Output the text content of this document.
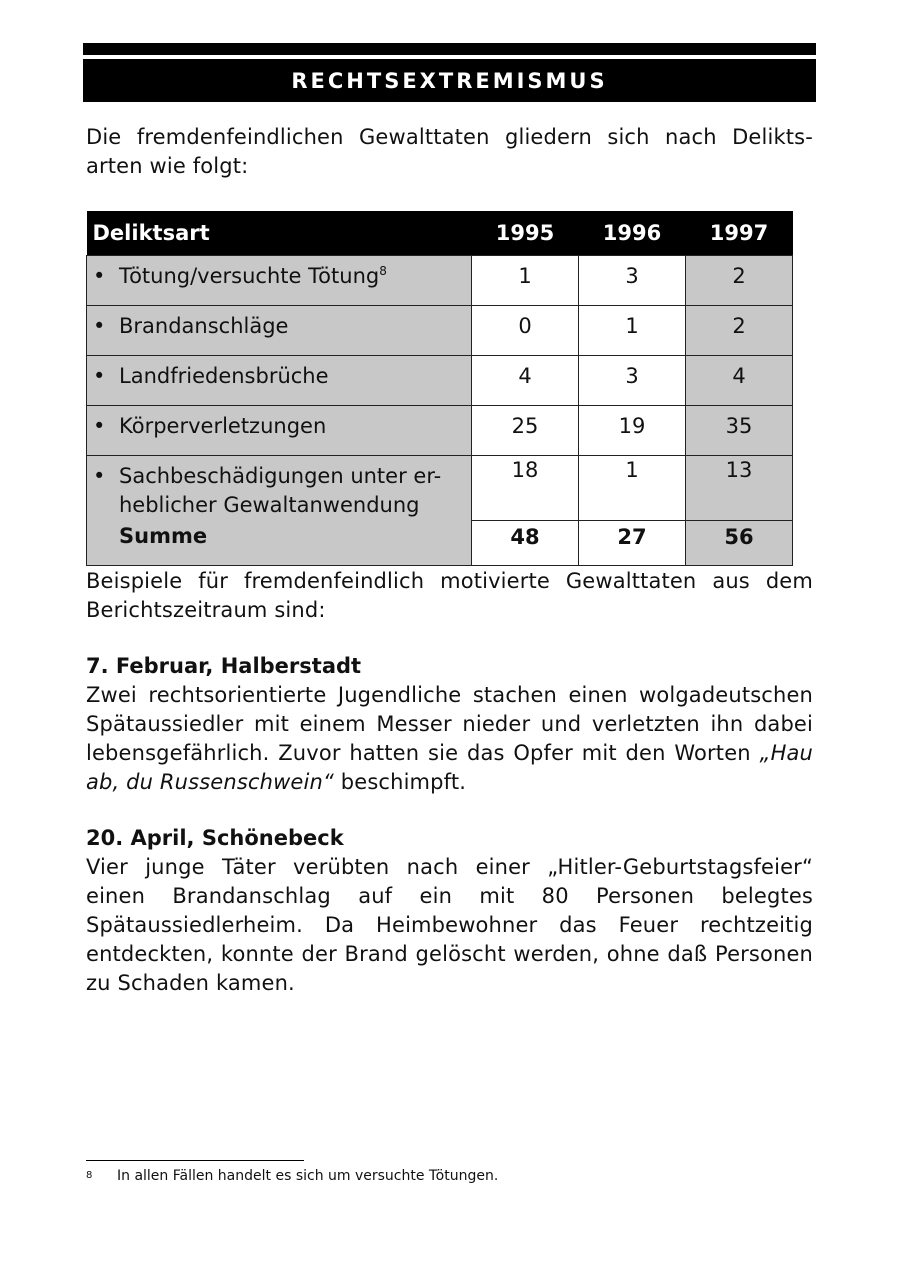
RECHTSEXTREMISMUS

Die fremdenfeindlichen Gewalttaten gliedern sich nach Delikts-arten wie folgt:

Deliktsart	1995	1996	1997
• Tötung/versuchte Tötung$^8$	1	3	2
• Brandanschläge	0	1	2
• Landfriedensbrüche	4	3	4
• Körperverletzungen	25	19	35
• Sachbeschädigungen unter er-
heblicher Gewaltanwendung	18	1	13
Summe	48	27	56

Beispiele für fremdenfeindlich motivierte Gewalttaten aus dem Berichtszeitraum sind:

7. Februar, Halberstadt

Zwei rechtsorientierte Jugendliche stachen einen wolgadeutschen Spätaussiedler mit einem Messer nieder und verletzten ihn dabei lebensgefährlich. Zuvor hatten sie das Opfer mit den Worten „Hau ab, du Russenschwein“ beschimpft.

20. April, Schönebeck

Vier junge Täter verübten nach einer „Hitler-Geburtstagsfeier“ einen Brandanschlag auf ein mit 80 Personen belegtes Spätaussiedlerheim. Da Heimbewohner das Feuer rechtzeitig entdeckten, konnte der Brand gelöscht werden, ohne daß Personen zu Schaden kamen.

8 In allen Fällen handelt es sich um versuchte Tötungen.
